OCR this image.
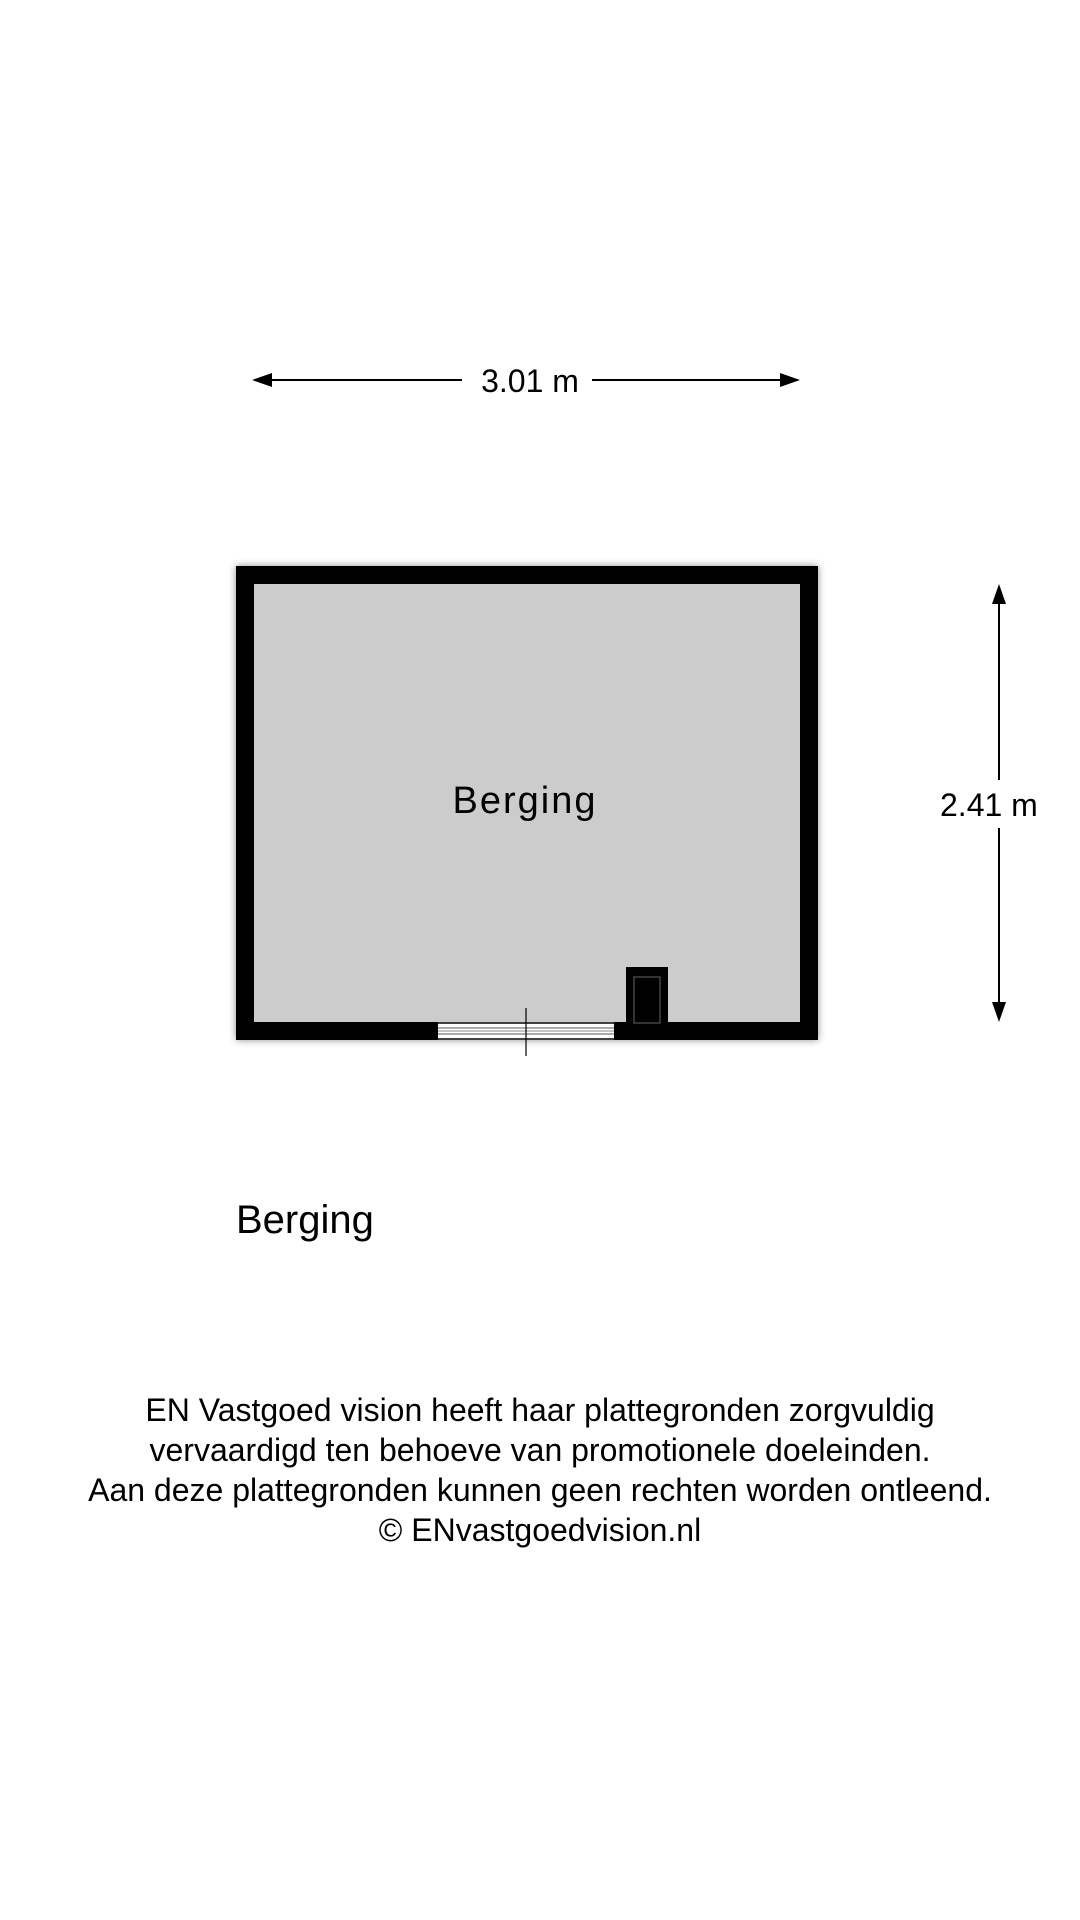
3.01 m
2.41 m
Berging
Berging
EN Vastgoed vision heeft haar plattegronden zorgvuldig
vervaardigd ten behoeve van promotionele doeleinden.
Aan deze plattegronden kunnen geen rechten worden ontleend.
© ENvastgoedvision.nl
